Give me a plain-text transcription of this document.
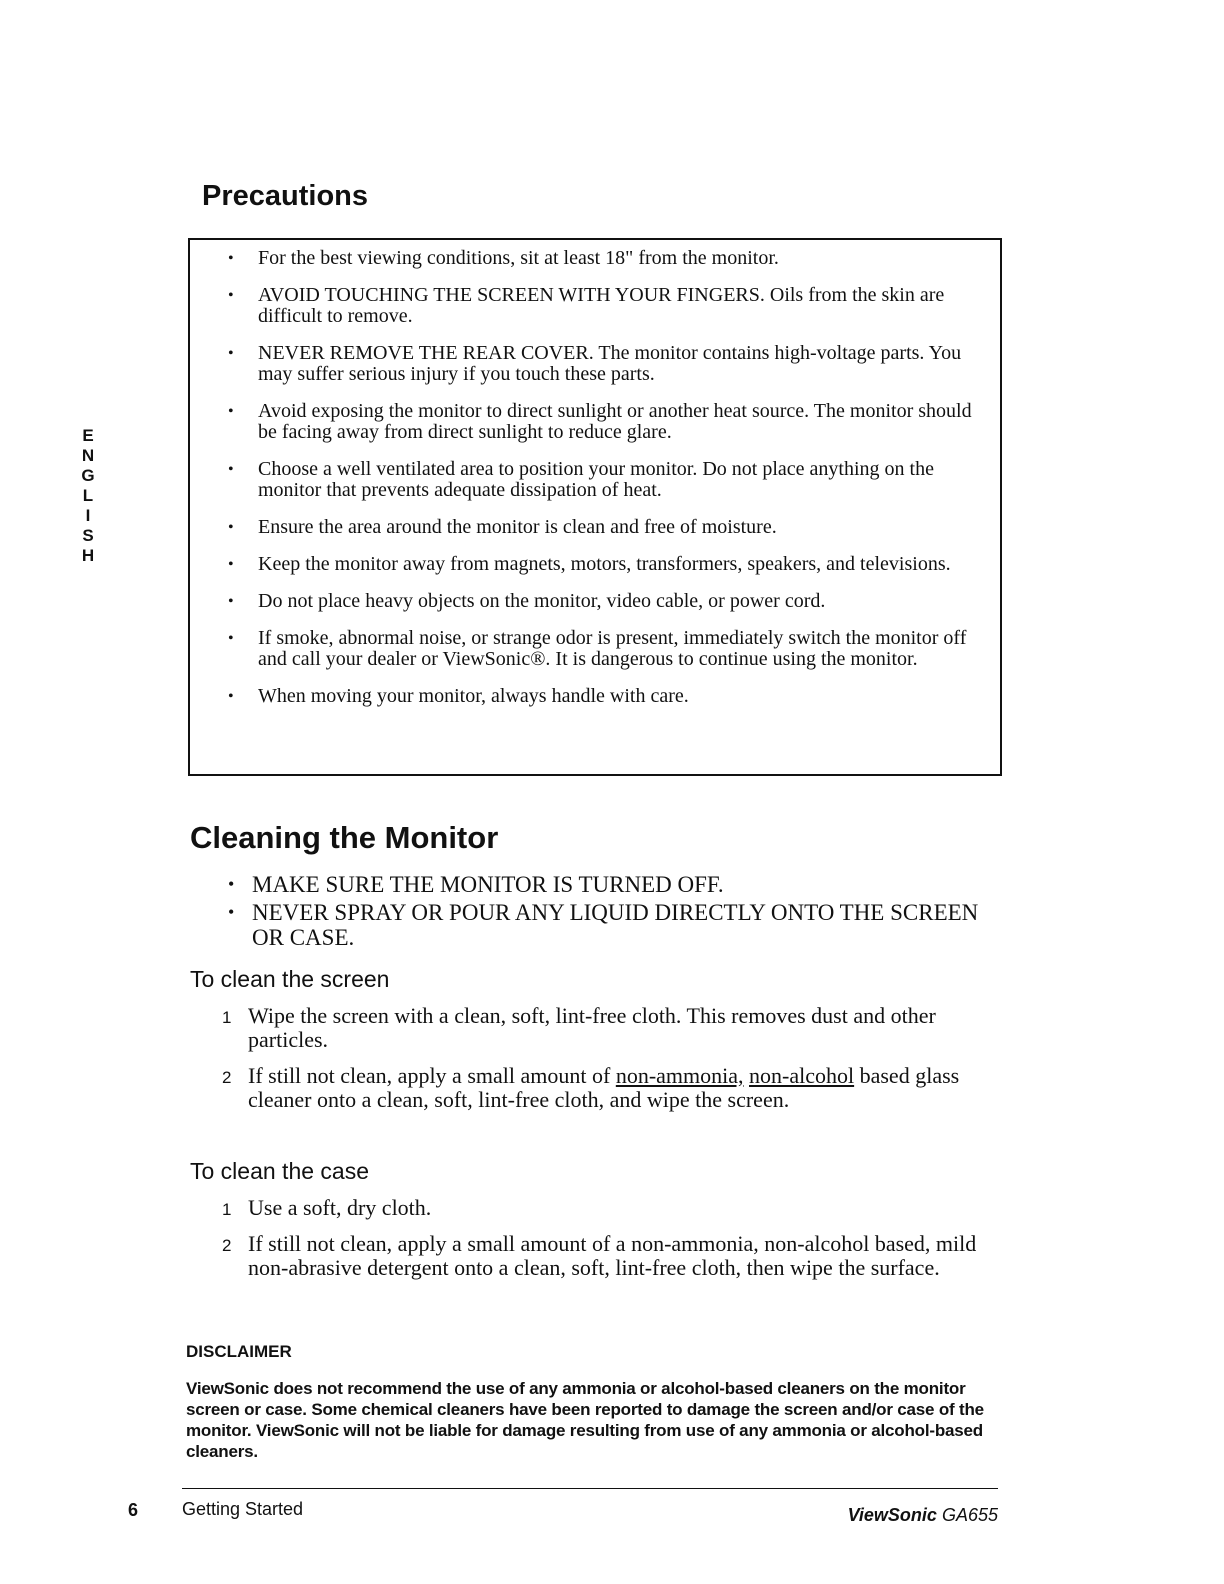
E
N
G
L
I
S
H
Precautions
• For the best viewing conditions, sit at least 18" from the monitor.
• AVOID TOUCHING THE SCREEN WITH YOUR FINGERS. Oils from the skin are difficult to remove.
• NEVER REMOVE THE REAR COVER. The monitor contains high-voltage parts. You may suffer serious injury if you touch these parts.
• Avoid exposing the monitor to direct sunlight or another heat source. The monitor should be facing away from direct sunlight to reduce glare.
• Choose a well ventilated area to position your monitor. Do not place anything on the monitor that prevents adequate dissipation of heat.
• Ensure the area around the monitor is clean and free of moisture.
• Keep the monitor away from magnets, motors, transformers, speakers, and televisions.
• Do not place heavy objects on the monitor, video cable, or power cord.
• If smoke, abnormal noise, or strange odor is present, immediately switch the monitor off and call your dealer or ViewSonic®. It is dangerous to continue using the monitor.
• When moving your monitor, always handle with care.
Cleaning the Monitor
• MAKE SURE THE MONITOR IS TURNED OFF.
• NEVER SPRAY OR POUR ANY LIQUID DIRECTLY ONTO THE SCREEN OR CASE.
To clean the screen
1 Wipe the screen with a clean, soft, lint-free cloth. This removes dust and other particles.
2 If still not clean, apply a small amount of non-ammonia, non-alcohol based glass cleaner onto a clean, soft, lint-free cloth, and wipe the screen.
To clean the case
1 Use a soft, dry cloth.
2 If still not clean, apply a small amount of a non-ammonia, non-alcohol based, mild non-abrasive detergent onto a clean, soft, lint-free cloth, then wipe the surface.
DISCLAIMER

ViewSonic does not recommend the use of any ammonia or alcohol-based cleaners on the monitor screen or case. Some chemical cleaners have been reported to damage the screen and/or case of the monitor. ViewSonic will not be liable for damage resulting from use of any ammonia or alcohol-based cleaners.

6 Getting Started	ViewSonic GA655
